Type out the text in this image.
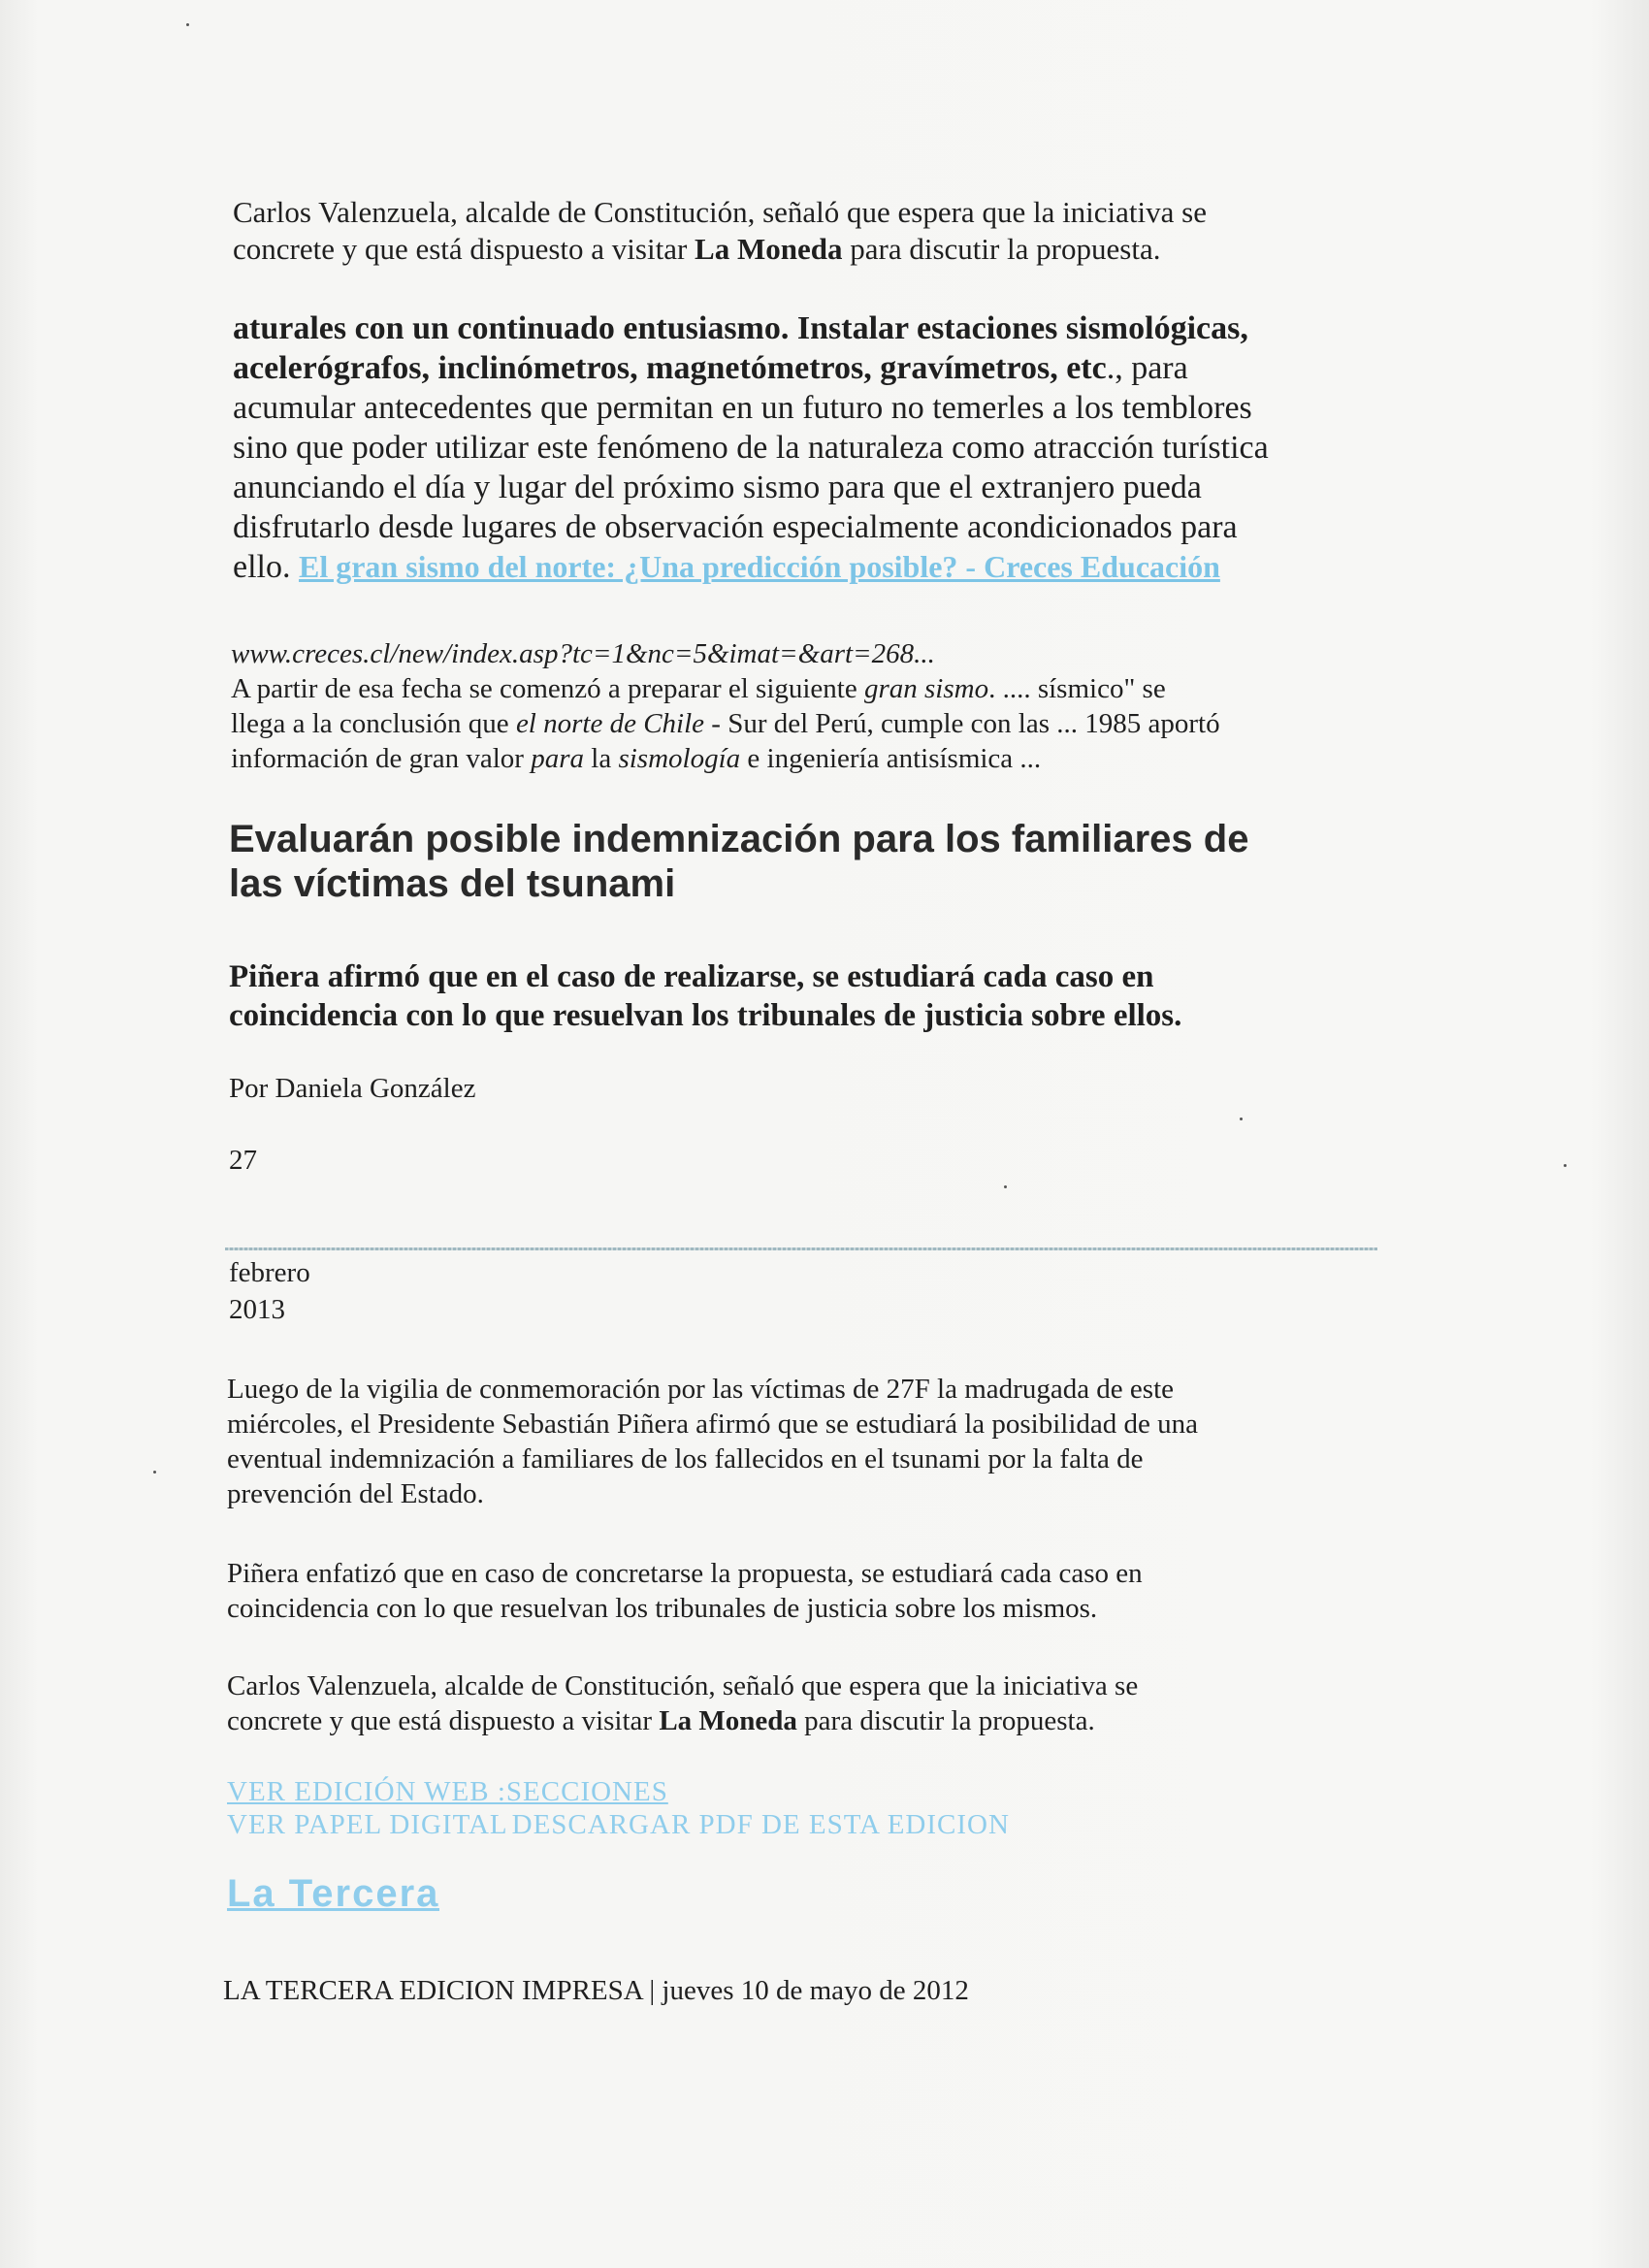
Carlos Valenzuela, alcalde de Constitución, señaló que espera que la iniciativa se
concrete y que está dispuesto a visitar La Moneda para discutir la propuesta.
aturales con un continuado entusiasmo. Instalar estaciones sismológicas,
acelerógrafos, inclinómetros, magnetómetros, gravímetros, etc., para
acumular antecedentes que permitan en un futuro no temerles a los temblores
sino que poder utilizar este fenómeno de la naturaleza como atracción turística
anunciando el día y lugar del próximo sismo para que el extranjero pueda
disfrutarlo desde lugares de observación especialmente acondicionados para
ello. El gran sismo del norte: ¿Una predicción posible? - Creces Educación
www.creces.cl/new/index.asp?tc=1&nc=5&imat=&art=268...
A partir de esa fecha se comenzó a preparar el siguiente gran sismo. .... sísmico" se
llega a la conclusión que el norte de Chile - Sur del Perú, cumple con las ... 1985 aportó
información de gran valor para la sismología e ingeniería antisísmica ...
Evaluarán posible indemnización para los familiares de
las víctimas del tsunami
Piñera afirmó que en el caso de realizarse, se estudiará cada caso en
coincidencia con lo que resuelvan los tribunales de justicia sobre ellos.
Por Daniela González
27
febrero
2013
Luego de la vigilia de conmemoración por las víctimas de 27F la madrugada de este
miércoles, el Presidente Sebastián Piñera afirmó que se estudiará la posibilidad de una
eventual indemnización a familiares de los fallecidos en el tsunami por la falta de
prevención del Estado.
Piñera enfatizó que en caso de concretarse la propuesta, se estudiará cada caso en
coincidencia con lo que resuelvan los tribunales de justicia sobre los mismos.
Carlos Valenzuela, alcalde de Constitución, señaló que espera que la iniciativa se
concrete y que está dispuesto a visitar La Moneda para discutir la propuesta.
VER EDICIÓN WEB :SECCIONES
VER PAPEL DIGITAL DESCARGAR PDF DE ESTA EDICION
La Tercera
LA TERCERA EDICION IMPRESA | jueves 10 de mayo de 2012
